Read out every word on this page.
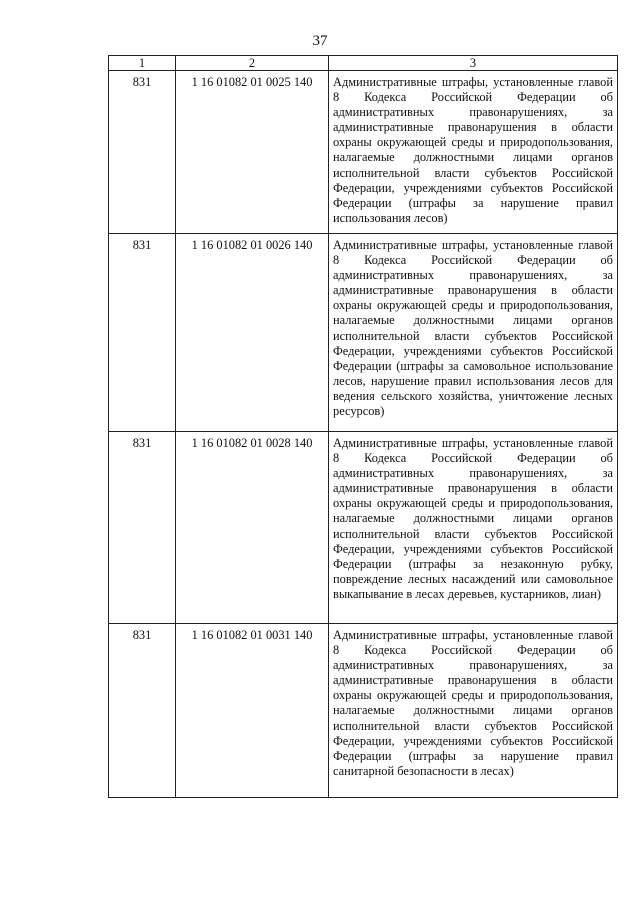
37
1	2	3
831	1 16 01082 01 0025 140	Административные штрафы, установленные главой 8 Кодекса Российской Федерации об административных правонарушениях, за административные правонарушения в области охраны окружающей среды и природопользования, налагаемые должностными лицами органов исполнительной власти субъектов Российской Федерации, учреждениями субъектов Российской Федерации (штрафы за нарушение правил использования лесов)
831	1 16 01082 01 0026 140	Административные штрафы, установленные главой 8 Кодекса Российской Федерации об административных правонарушениях, за административные правонарушения в области охраны окружающей среды и природопользования, налагаемые должностными лицами органов исполнительной власти субъектов Российской Федерации, учреждениями субъектов Российской Федерации (штрафы за самовольное использование лесов, нарушение правил использования лесов для ведения сельского хозяйства, уничтожение лесных ресурсов)
831	1 16 01082 01 0028 140	Административные штрафы, установленные главой 8 Кодекса Российской Федерации об административных правонарушениях, за административные правонарушения в области охраны окружающей среды и природопользования, налагаемые должностными лицами органов исполнительной власти субъектов Российской Федерации, учреждениями субъектов Российской Федерации (штрафы за незаконную рубку, повреждение лесных насаждений или самовольное выкапывание в лесах деревьев, кустарников, лиан)
831	1 16 01082 01 0031 140	Административные штрафы, установленные главой 8 Кодекса Российской Федерации об административных правонарушениях, за административные правонарушения в области охраны окружающей среды и природопользования, налагаемые должностными лицами органов исполнительной власти субъектов Российской Федерации, учреждениями субъектов Российской Федерации (штрафы за нарушение правил санитарной безопасности в лесах)
